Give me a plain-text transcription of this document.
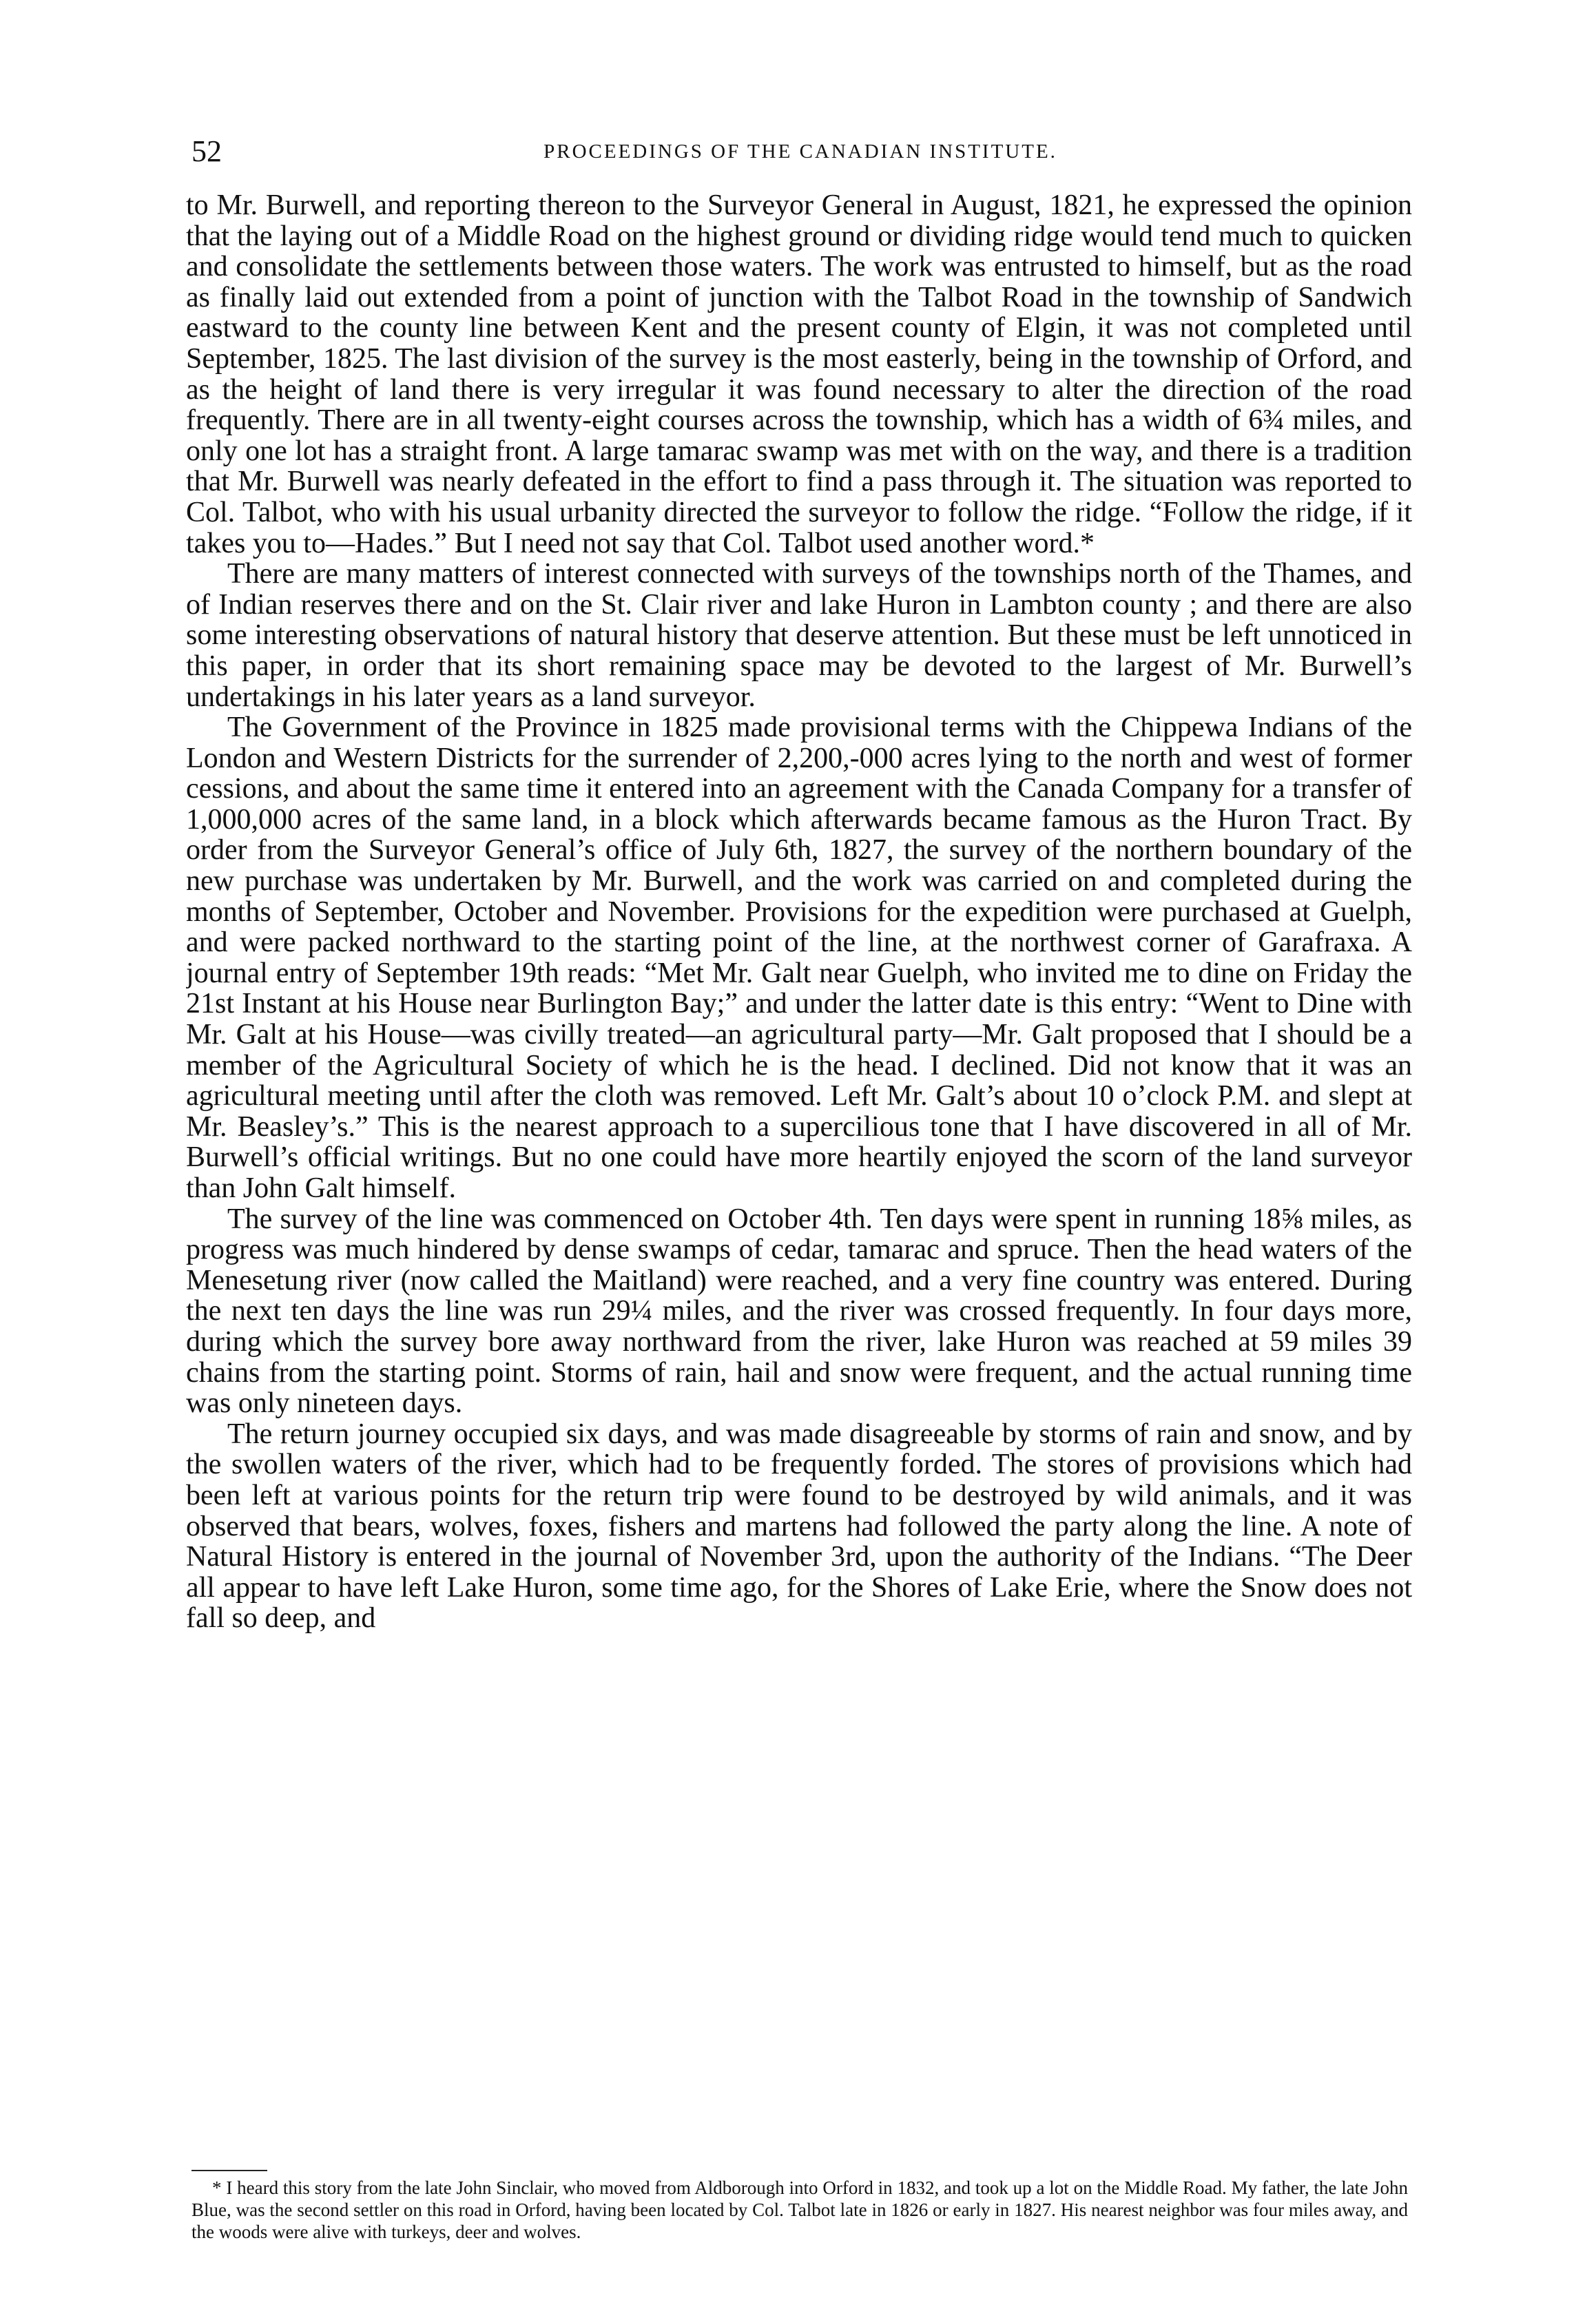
52	PROCEEDINGS OF THE CANADIAN INSTITUTE.

to Mr. Burwell, and reporting thereon to the Surveyor General in August, 1821, he expressed the opinion that the laying out of a Middle Road on the highest ground or dividing ridge would tend much to quicken and consolidate the settlements between those waters. The work was entrusted to himself, but as the road as finally laid out extended from a point of junction with the Talbot Road in the township of Sandwich eastward to the county line between Kent and the present county of Elgin, it was not completed until September, 1825. The last division of the survey is the most easterly, being in the township of Orford, and as the height of land there is very irregular it was found necessary to alter the direction of the road frequently. There are in all twenty-eight courses across the township, which has a width of 6¾ miles, and only one lot has a straight front. A large tamarac swamp was met with on the way, and there is a tradition that Mr. Burwell was nearly defeated in the effort to find a pass through it. The situation was reported to Col. Talbot, who with his usual urbanity directed the surveyor to follow the ridge. “Follow the ridge, if it takes you to—Hades.” But I need not say that Col. Talbot used another word.*

There are many matters of interest connected with surveys of the townships north of the Thames, and of Indian reserves there and on the St. Clair river and lake Huron in Lambton county ; and there are also some interesting observations of natural history that deserve attention. But these must be left unnoticed in this paper, in order that its short remaining space may be devoted to the largest of Mr. Burwell’s undertakings in his later years as a land surveyor.

The Government of the Province in 1825 made provisional terms with the Chippewa Indians of the London and Western Districts for the surrender of 2,200,-000 acres lying to the north and west of former cessions, and about the same time it entered into an agreement with the Canada Company for a transfer of 1,000,000 acres of the same land, in a block which afterwards became famous as the Huron Tract. By order from the Surveyor General’s office of July 6th, 1827, the survey of the northern boundary of the new purchase was undertaken by Mr. Burwell, and the work was carried on and completed during the months of September, October and November. Provisions for the expedition were purchased at Guelph, and were packed northward to the starting point of the line, at the northwest corner of Garafraxa. A journal entry of September 19th reads: “Met Mr. Galt near Guelph, who invited me to dine on Friday the 21st Instant at his House near Burlington Bay;” and under the latter date is this entry: “Went to Dine with Mr. Galt at his House—was civilly treated—an agricultural party—Mr. Galt proposed that I should be a member of the Agricultural Society of which he is the head. I declined. Did not know that it was an agricultural meeting until after the cloth was removed. Left Mr. Galt’s about 10 o’clock P.M. and slept at Mr. Beasley’s.” This is the nearest approach to a supercilious tone that I have discovered in all of Mr. Burwell’s official writings. But no one could have more heartily enjoyed the scorn of the land surveyor than John Galt himself.

The survey of the line was commenced on October 4th. Ten days were spent in running 18⅝ miles, as progress was much hindered by dense swamps of cedar, tamarac and spruce. Then the head waters of the Menesetung river (now called the Maitland) were reached, and a very fine country was entered. During the next ten days the line was run 29¼ miles, and the river was crossed frequently. In four days more, during which the survey bore away northward from the river, lake Huron was reached at 59 miles 39 chains from the starting point. Storms of rain, hail and snow were frequent, and the actual running time was only nineteen days.

The return journey occupied six days, and was made disagreeable by storms of rain and snow, and by the swollen waters of the river, which had to be frequently forded. The stores of provisions which had been left at various points for the return trip were found to be destroyed by wild animals, and it was observed that bears, wolves, foxes, fishers and martens had followed the party along the line. A note of Natural History is entered in the journal of November 3rd, upon the authority of the Indians. “The Deer all appear to have left Lake Huron, some time ago, for the Shores of Lake Erie, where the Snow does not fall so deep, and

* I heard this story from the late John Sinclair, who moved from Aldborough into Orford in 1832, and took up a lot on the Middle Road. My father, the late John Blue, was the second settler on this road in Orford, having been located by Col. Talbot late in 1826 or early in 1827. His nearest neighbor was four miles away, and the woods were alive with turkeys, deer and wolves.
